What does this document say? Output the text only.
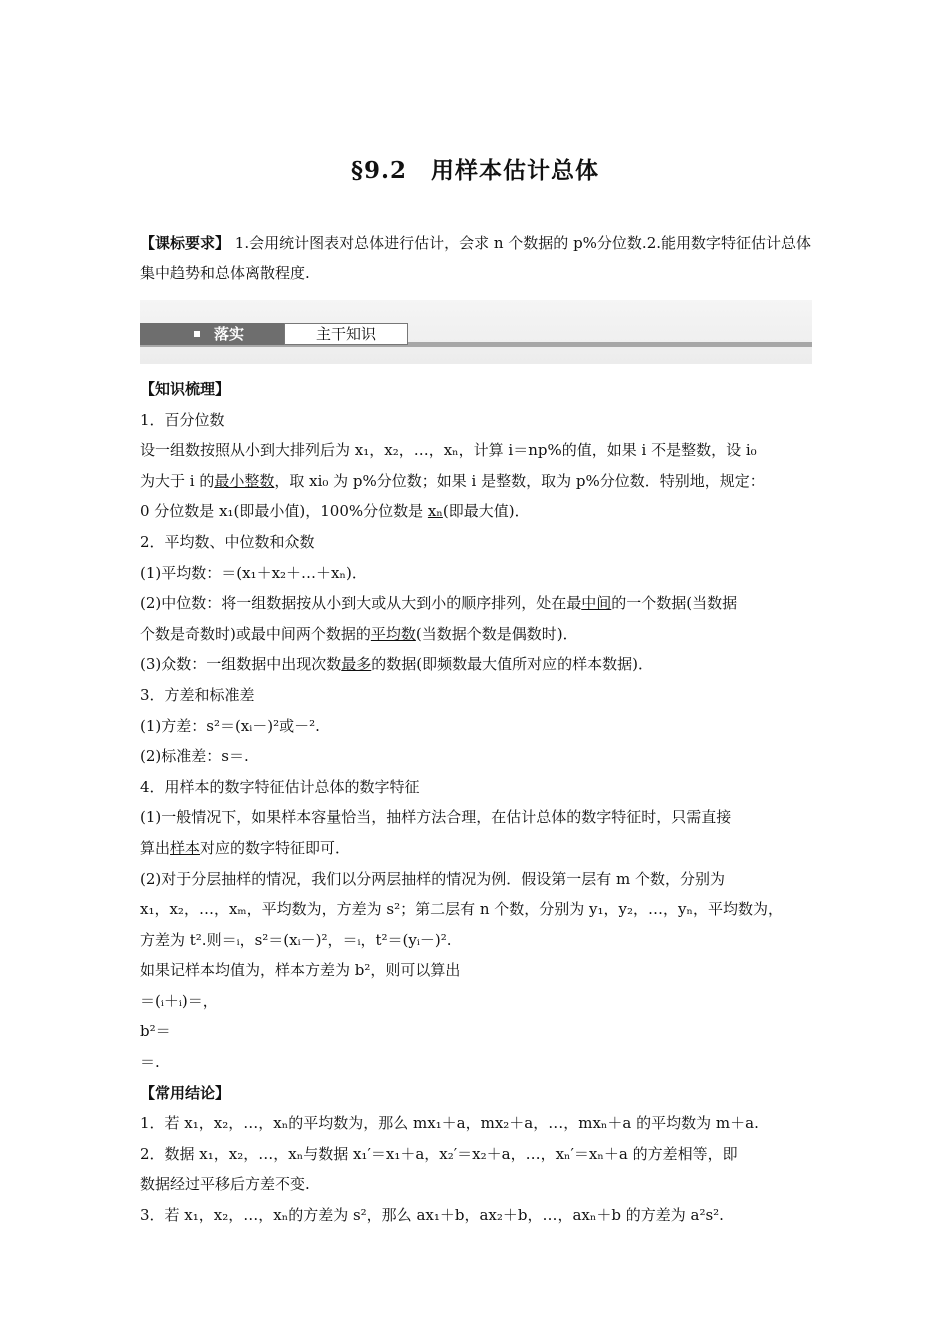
§9.2　用样本估计总体

【课标要求】 1.会用统计图表对总体进行估计，会求 n 个数据的 p%分位数.2.能用数字特征估计总体集中趋势和总体离散程度.

落实	主干知识

【知识梳理】

1．百分位数

设一组数按照从小到大排列后为 x₁，x₂，…，xₙ，计算 i＝np%的值，如果 i 不是整数，设 i₀

为大于 i 的最小整数，取 xi₀ 为 p%分位数；如果 i 是整数，取为 p%分位数．特别地，规定：

0 分位数是 x₁(即最小值)，100%分位数是 xₙ(即最大值)．

2．平均数、中位数和众数

(1)平均数：＝(x₁＋x₂＋…＋xₙ)．

(2)中位数：将一组数据按从小到大或从大到小的顺序排列，处在最中间的一个数据(当数据

个数是奇数时)或最中间两个数据的平均数(当数据个数是偶数时)．

(3)众数：一组数据中出现次数最多的数据(即频数最大值所对应的样本数据)．

3．方差和标准差

(1)方差：s²＝(xᵢ－)²或－².

(2)标准差：s＝.

4．用样本的数字特征估计总体的数字特征

(1)一般情况下，如果样本容量恰当，抽样方法合理，在估计总体的数字特征时，只需直接

算出样本对应的数字特征即可．

(2)对于分层抽样的情况，我们以分两层抽样的情况为例．假设第一层有 m 个数，分别为

x₁，x₂，…，xₘ，平均数为，方差为 s²；第二层有 n 个数，分别为 y₁，y₂，…，yₙ，平均数为，

方差为 t².则＝ᵢ，s²＝(xᵢ－)²，＝ᵢ，t²＝(yᵢ－)².

如果记样本均值为，样本方差为 b²，则可以算出

＝(ᵢ＋ᵢ)＝，

b²＝

＝.

【常用结论】

1．若 x₁，x₂，…，xₙ的平均数为，那么 mx₁＋a，mx₂＋a，…，mxₙ＋a 的平均数为 m＋a.

2．数据 x₁，x₂，…，xₙ与数据 x₁′＝x₁＋a，x₂′＝x₂＋a，…，xₙ′＝xₙ＋a 的方差相等，即

数据经过平移后方差不变.

3．若 x₁，x₂，…，xₙ的方差为 s²，那么 ax₁＋b，ax₂＋b，…，axₙ＋b 的方差为 a²s².
